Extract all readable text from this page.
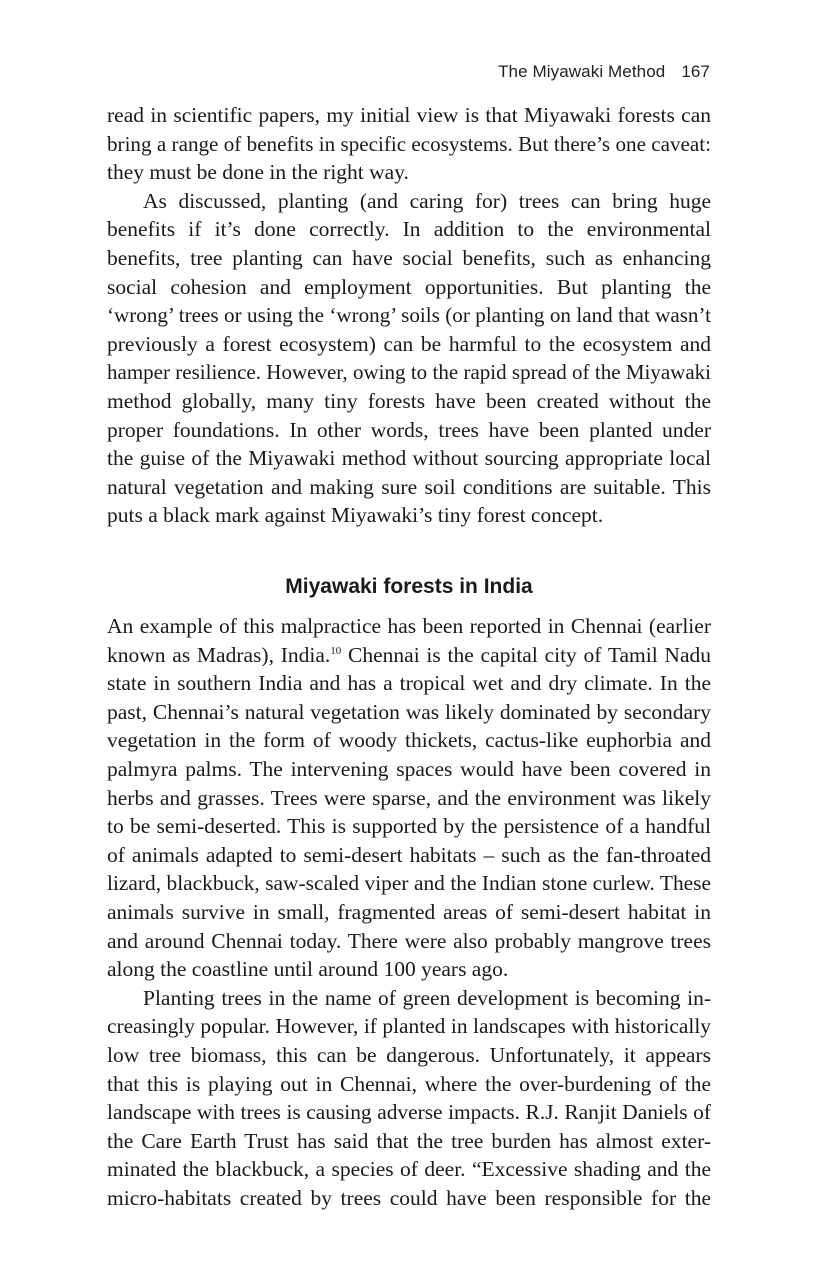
The Miyawaki Method 167
read in scientific papers, my initial view is that Miyawaki forests can
bring a range of benefits in specific ecosystems. But there’s one caveat:
they must be done in the right way.
As discussed, planting (and caring for) trees can bring huge
benefits if it’s done correctly. In addition to the environmental
benefits, tree planting can have social benefits, such as enhancing
social cohesion and employment opportunities. But planting the
‘wrong’ trees or using the ‘wrong’ soils (or planting on land that wasn’t
previously a forest ecosystem) can be harmful to the ecosystem and
hamper resilience. However, owing to the rapid spread of the Miyawaki
method globally, many tiny forests have been created without the
proper foundations. In other words, trees have been planted under
the guise of the Miyawaki method without sourcing appropriate local
natural vegetation and making sure soil conditions are suitable. This
puts a black mark against Miyawaki’s tiny forest concept.
Miyawaki forests in India
An example of this malpractice has been reported in Chennai (earlier
known as Madras), India.$^{10}$ Chennai is the capital city of Tamil Nadu
state in southern India and has a tropical wet and dry climate. In the
past, Chennai’s natural vegetation was likely dominated by secondary
vegetation in the form of woody thickets, cactus-like euphorbia and
palmyra palms. The intervening spaces would have been covered in
herbs and grasses. Trees were sparse, and the environment was likely
to be semi-deserted. This is supported by the persistence of a handful
of animals adapted to semi-desert habitats – such as the fan-throated
lizard, blackbuck, saw-scaled viper and the Indian stone curlew. These
animals survive in small, fragmented areas of semi-desert habitat in
and around Chennai today. There were also probably mangrove trees
along the coastline until around 100 years ago.
Planting trees in the name of green development is becoming in-
creasingly popular. However, if planted in landscapes with historically
low tree biomass, this can be dangerous. Unfortunately, it appears
that this is playing out in Chennai, where the over-burdening of the
landscape with trees is causing adverse impacts. R.J. Ranjit Daniels of
the Care Earth Trust has said that the tree burden has almost exter-
minated the blackbuck, a species of deer. “Excessive shading and the
micro-habitats created by trees could have been responsible for the
